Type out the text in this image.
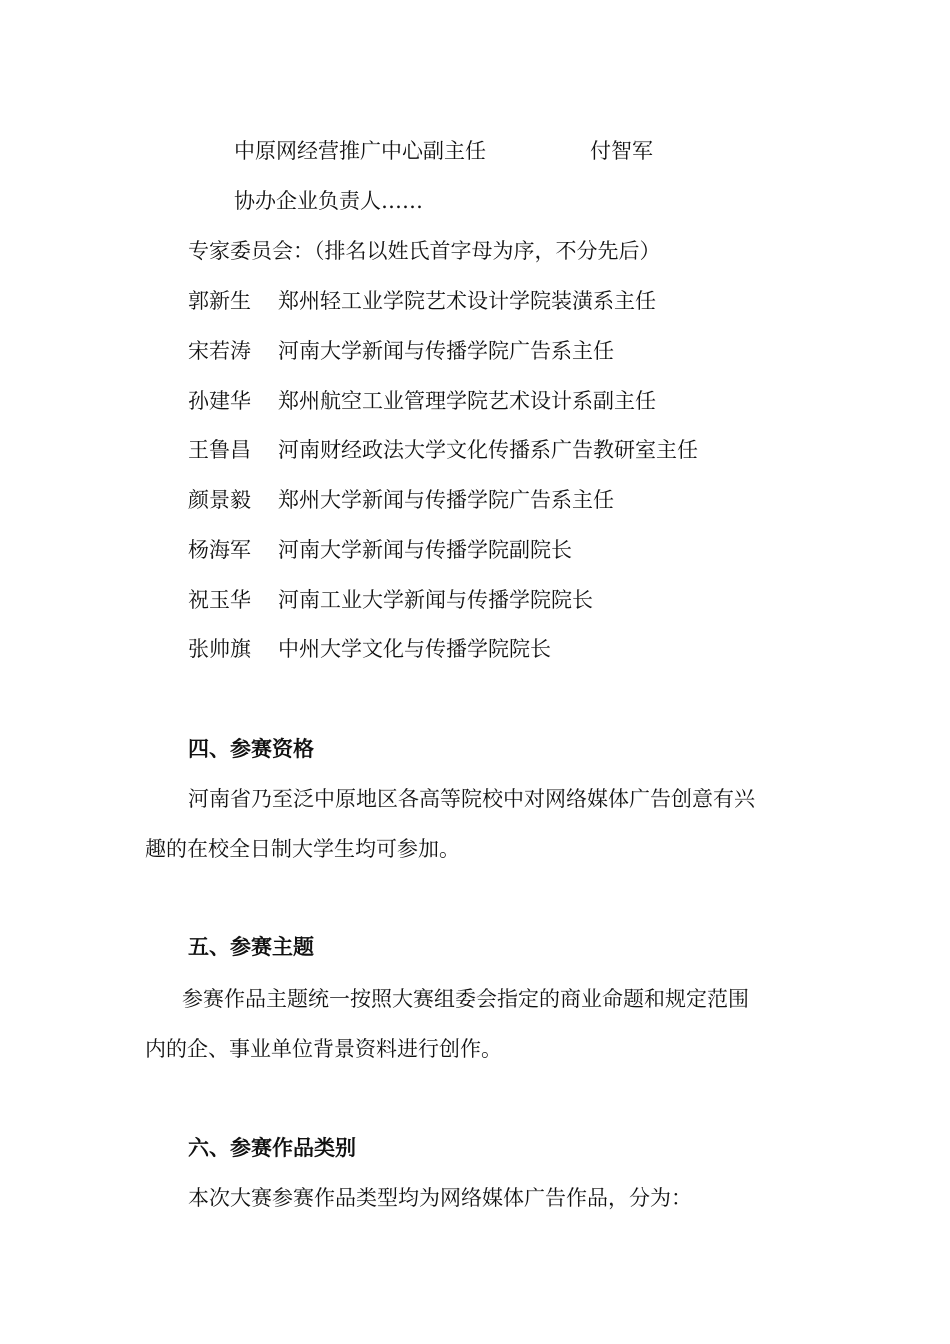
中原网经营推广中心副主任	付智军
协办企业负责人……
专家委员会：（排名以姓氏首字母为序，不分先后）
郭新生 郑州轻工业学院艺术设计学院装潢系主任
宋若涛 河南大学新闻与传播学院广告系主任
孙建华 郑州航空工业管理学院艺术设计系副主任
王鲁昌 河南财经政法大学文化传播系广告教研室主任
颜景毅 郑州大学新闻与传播学院广告系主任
杨海军 河南大学新闻与传播学院副院长
祝玉华 河南工业大学新闻与传播学院院长
张帅旗 中州大学文化与传播学院院长
四、参赛资格
河南省乃至泛中原地区各高等院校中对网络媒体广告创意有兴
趣的在校全日制大学生均可参加。
五、参赛主题
参赛作品主题统一按照大赛组委会指定的商业命题和规定范围
内的企、事业单位背景资料进行创作。
六、参赛作品类别
本次大赛参赛作品类型均为网络媒体广告作品，分为：
